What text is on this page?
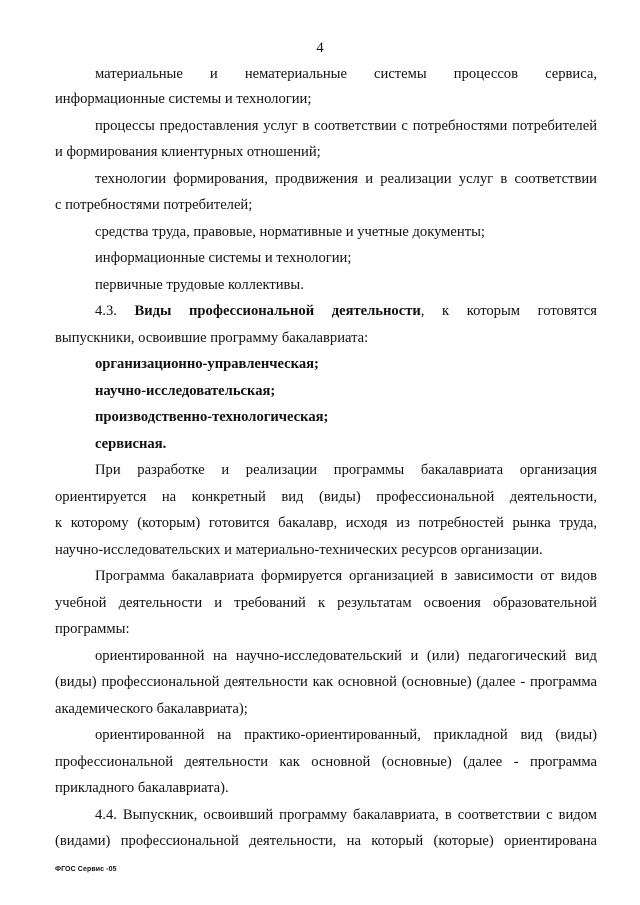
4
материальные и нематериальные системы процессов сервиса,
информационные системы и технологии;
процессы предоставления услуг в соответствии с потребностями потребителей
и формирования клиентурных отношений;
технологии формирования, продвижения и реализации услуг в соответствии
с потребностями потребителей;
средства труда, правовые, нормативные и учетные документы;
информационные системы и технологии;
первичные трудовые коллективы.
4.3. Виды профессиональной деятельности, к которым готовятся
выпускники, освоившие программу бакалавриата:
организационно-управленческая;
научно-исследовательская;
производственно-технологическая;
сервисная.
При разработке и реализации программы бакалавриата организация
ориентируется на конкретный вид (виды) профессиональной деятельности,
к которому (которым) готовится бакалавр, исходя из потребностей рынка труда,
научно-исследовательских и материально-технических ресурсов организации.
Программа бакалавриата формируется организацией в зависимости от видов
учебной деятельности и требований к результатам освоения образовательной
программы:
ориентированной на научно-исследовательский и (или) педагогический вид
(виды) профессиональной деятельности как основной (основные) (далее - программа
академического бакалавриата);
ориентированной на практико-ориентированный, прикладной вид (виды)
профессиональной деятельности как основной (основные) (далее - программа
прикладного бакалавриата).
4.4. Выпускник, освоивший программу бакалавриата, в соответствии с видом
(видами) профессиональной деятельности, на который (которые) ориентирована
ФГОС Сервис -05
